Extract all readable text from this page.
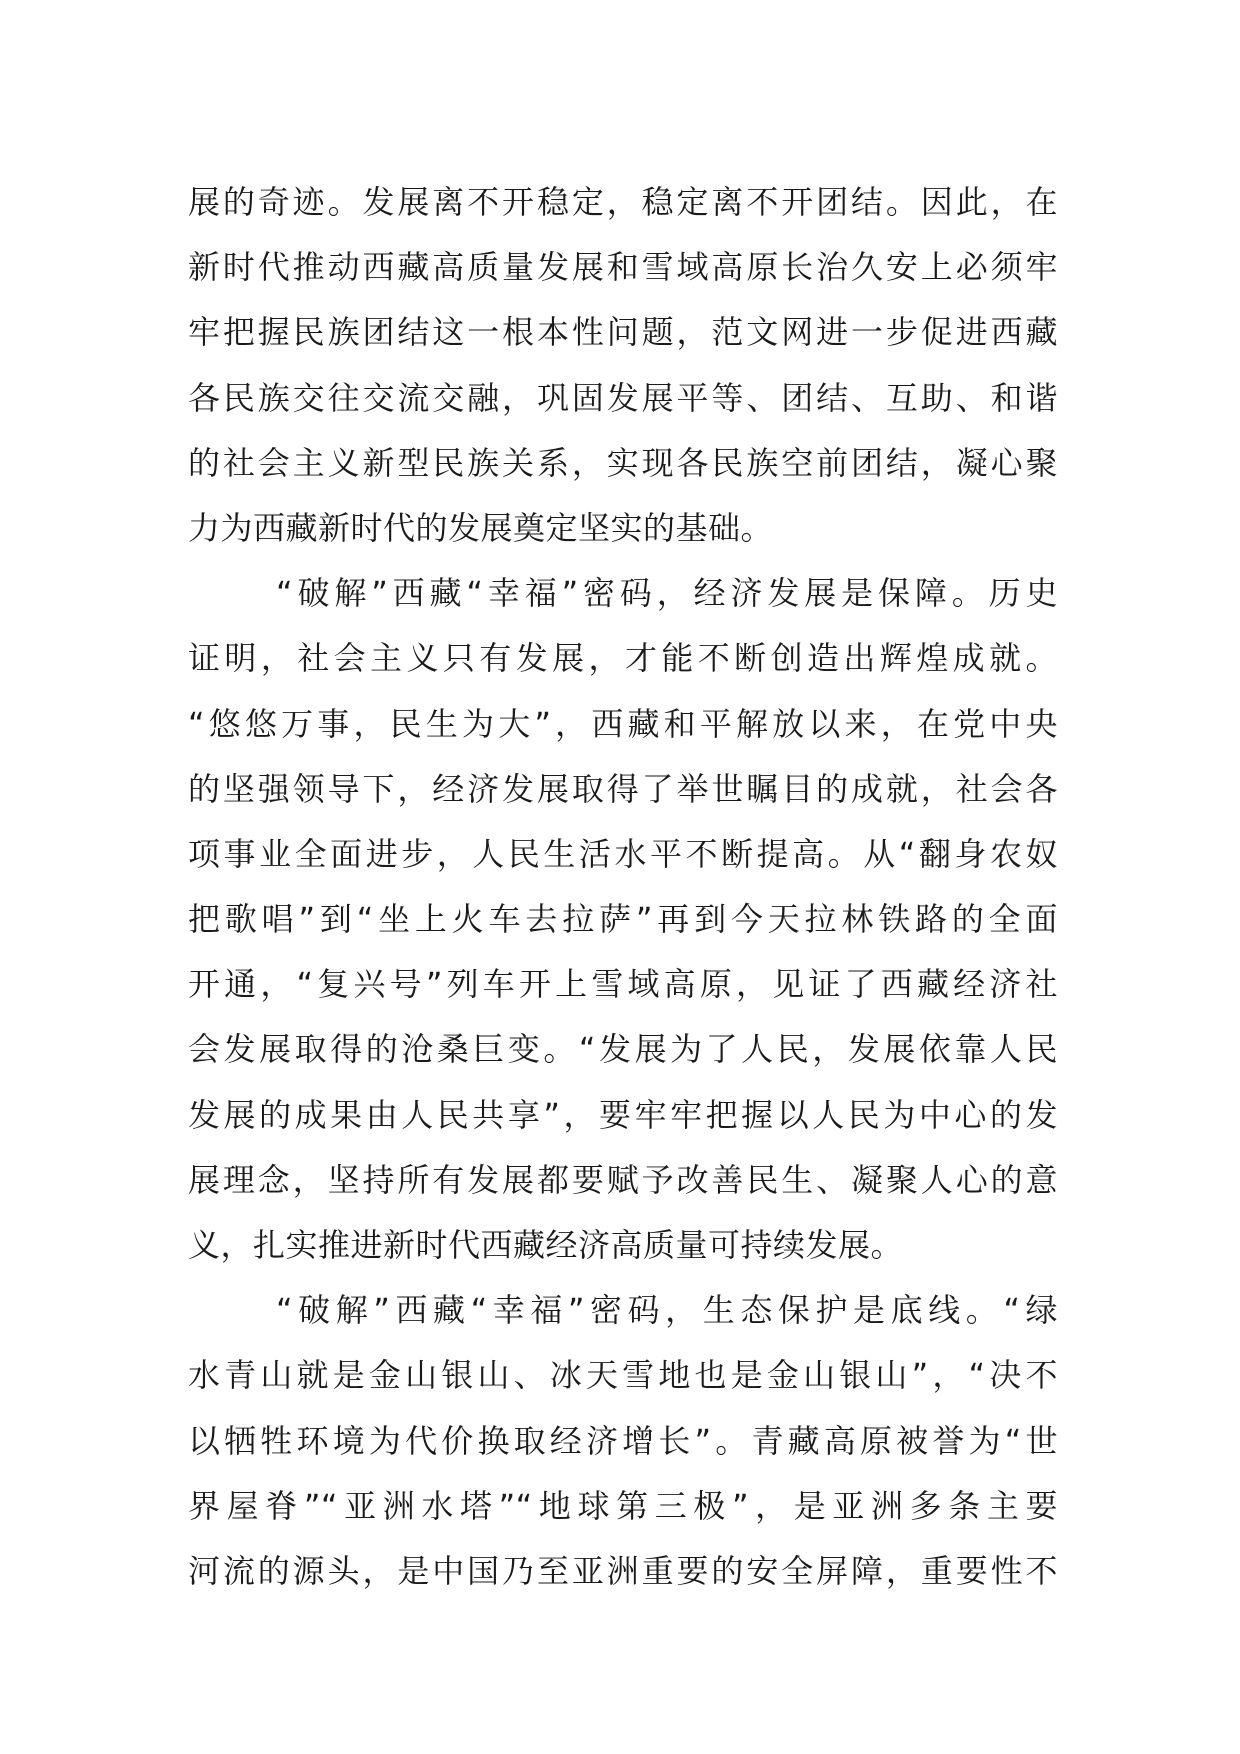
展的奇迹。发展离不开稳定，稳定离不开团结。因此，在
新时代推动西藏高质量发展和雪域高原长治久安上必须牢
牢把握民族团结这一根本性问题，范文网进一步促进西藏
各民族交往交流交融，巩固发展平等、团结、互助、和谐
的社会主义新型民族关系，实现各民族空前团结，凝心聚
力为西藏新时代的发展奠定坚实的基础。
“破解”西藏“幸福”密码，经济发展是保障。历史
证明，社会主义只有发展，才能不断创造出辉煌成就。
“悠悠万事，民生为大”，西藏和平解放以来，在党中央
的坚强领导下，经济发展取得了举世瞩目的成就，社会各
项事业全面进步，人民生活水平不断提高。从“翻身农奴
把歌唱”到“坐上火车去拉萨”再到今天拉林铁路的全面
开通，“复兴号”列车开上雪域高原，见证了西藏经济社
会发展取得的沧桑巨变。“发展为了人民，发展依靠人民
发展的成果由人民共享”，要牢牢把握以人民为中心的发
展理念，坚持所有发展都要赋予改善民生、凝聚人心的意
义，扎实推进新时代西藏经济高质量可持续发展。
“破解”西藏“幸福”密码，生态保护是底线。“绿
水青山就是金山银山、冰天雪地也是金山银山”，“决不
以牺牲环境为代价换取经济增长”。青藏高原被誉为“世
界屋脊”“亚洲水塔”“地球第三极”，是亚洲多条主要
河流的源头，是中国乃至亚洲重要的安全屏障，重要性不
